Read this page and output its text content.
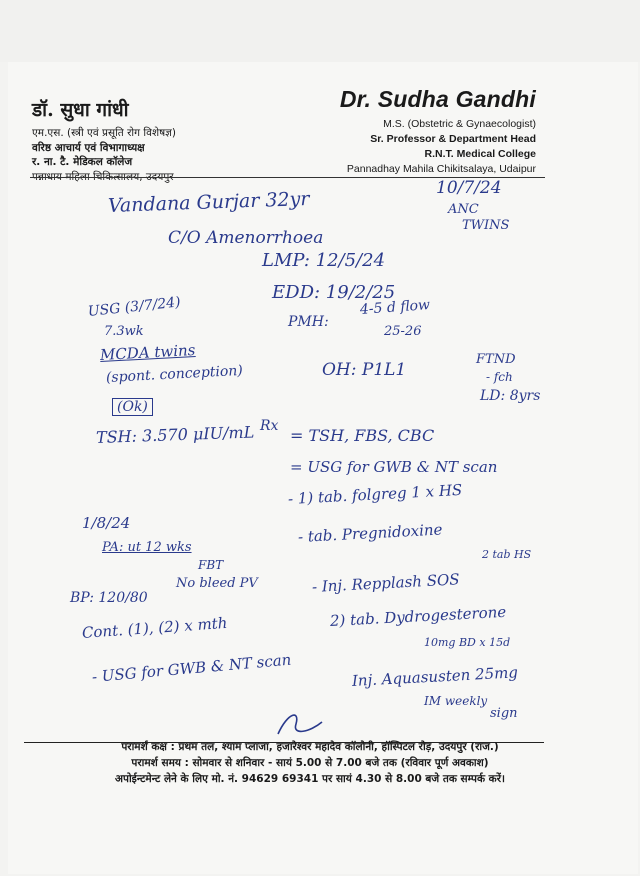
डॉ. सुधा गांधी
एम.एस. (स्त्री एवं प्रसूति रोग विशेषज्ञ)
वरिष्ठ आचार्य एवं विभागाध्यक्ष
र. ना. टै. मेडिकल कॉलेज
पन्नाधाय महिला चिकित्सालय, उदयपुर
Dr. Sudha Gandhi
M.S. (Obstetric & Gynaecologist)
Sr. Professor & Department Head
R.N.T. Medical College
Pannadhay Mahila Chikitsalaya, Udaipur
10/7/24
ANC
TWINS
Vandana Gurjar 32yr
C/O Amenorrhoea
LMP: 12/5/24
EDD: 19/2/25
USG (3/7/24)
7.3wk
MCDA twins
(spont. conception)
(Ok)
PMH:
4-5 d flow
25-26
OH: P1L1
FTND
- fch
LD: 8yrs
TSH: 3.570 μIU/mL Rx = TSH, FBS, CBC
= USG for GWB & NT scan
- 1) tab. folgreg 1 x HS
- tab. Pregnidoxine
2 tab HS
- Inj. Repplash SOS
2) tab. Dydrogesterone
10mg BD x 15d
Inj. Aquasusten 25mg
IM weekly
1/8/24
PA: ut 12 wks
FBT
No bleed PV
BP: 120/80
Cont. (1), (2) x mth
- USG for GWB & NT scan
sign
परामर्श कक्ष : प्रथम तल, श्याम प्लाजा, हजारेश्वर महादेव कॉलोनी, हॉस्पिटल रोड़, उदयपुर (राज.)
परामर्श समय : सोमवार से शनिवार - सायं 5.00 से 7.00 बजे तक (रविवार पूर्ण अवकाश)
अपोईन्टमेन्ट लेने के लिए मो. नं. 94629 69341 पर सायं 4.30 से 8.00 बजे तक सम्पर्क करें।
